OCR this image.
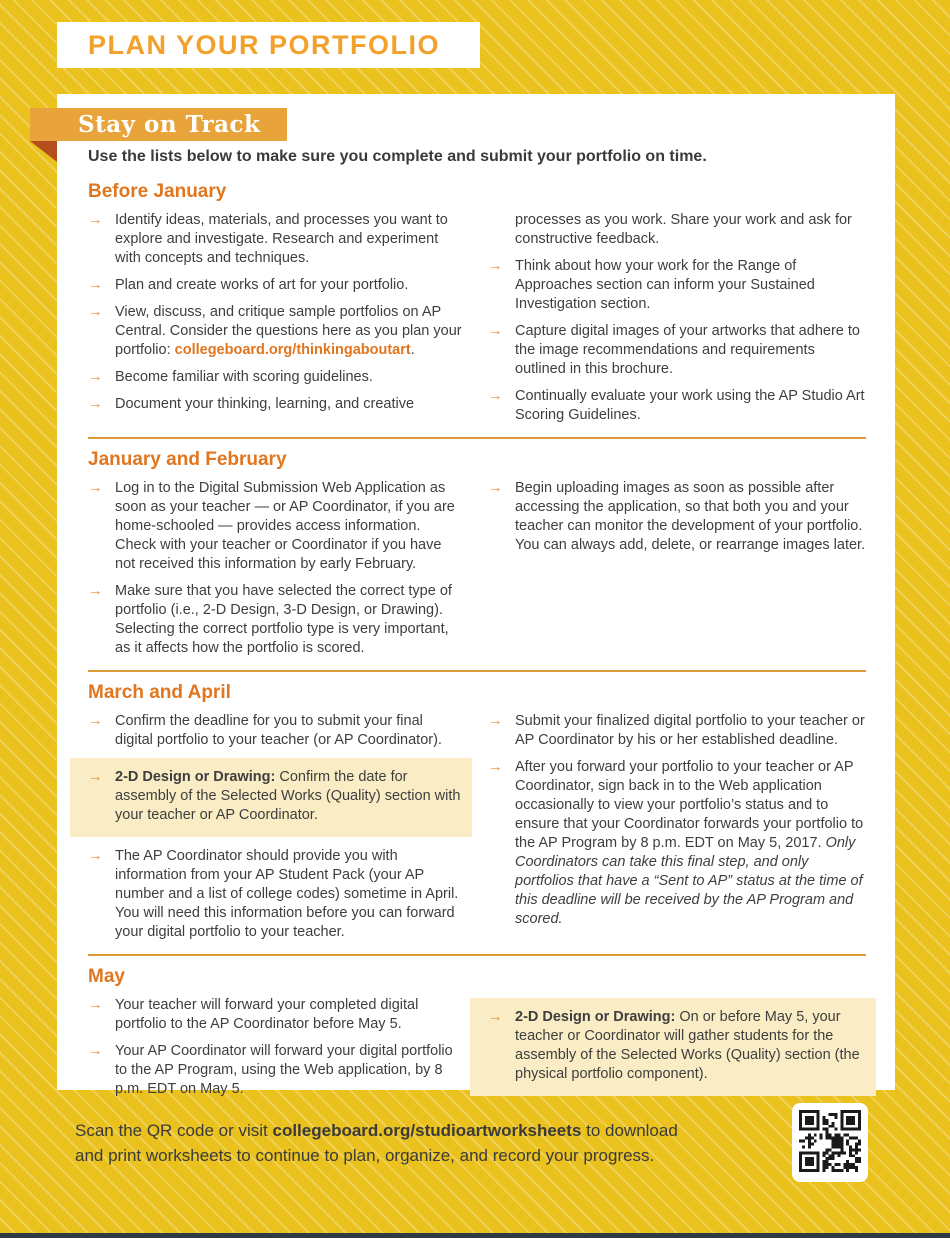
PLAN YOUR PORTFOLIO
Stay on Track

Use the lists below to make sure you complete and submit your portfolio on time.

Before January
→ Identify ideas, materials, and processes you want to explore and investigate. Research and experiment with concepts and techniques.
→ Plan and create works of art for your portfolio.
→ View, discuss, and critique sample portfolios on AP Central. Consider the questions here as you plan your portfolio: collegeboard.org/thinkingaboutart.
→ Become familiar with scoring guidelines.
→ Document your thinking, learning, and creative
processes as you work. Share your work and ask for constructive feedback.
→ Think about how your work for the Range of Approaches section can inform your Sustained Investigation section.
→ Capture digital images of your artworks that adhere to the image recommendations and requirements outlined in this brochure.
→ Continually evaluate your work using the AP Studio Art Scoring Guidelines.
January and February
→ Log in to the Digital Submission Web Application as soon as your teacher — or AP Coordinator, if you are home-schooled — provides access information. Check with your teacher or Coordinator if you have not received this information by early February.
→ Make sure that you have selected the correct type of portfolio (i.e., 2-D Design, 3-D Design, or Drawing). Selecting the correct portfolio type is very important, as it affects how the portfolio is scored.
→ Begin uploading images as soon as possible after accessing the application, so that both you and your teacher can monitor the development of your portfolio. You can always add, delete, or rearrange images later.
March and April
→ Confirm the deadline for you to submit your final digital portfolio to your teacher (or AP Coordinator).
→ 2-D Design or Drawing: Confirm the date for assembly of the Selected Works (Quality) section with your teacher or AP Coordinator.
→ The AP Coordinator should provide you with information from your AP Student Pack (your AP number and a list of college codes) sometime in April. You will need this information before you can forward your digital portfolio to your teacher.
→ Submit your finalized digital portfolio to your teacher or AP Coordinator by his or her established deadline.
→ After you forward your portfolio to your teacher or AP Coordinator, sign back in to the Web application occasionally to view your portfolio’s status and to ensure that your Coordinator forwards your portfolio to the AP Program by 8 p.m. EDT on May 5, 2017. Only Coordinators can take this final step, and only portfolios that have a “Sent to AP” status at the time of this deadline will be received by the AP Program and scored.
May
→ Your teacher will forward your completed digital portfolio to the AP Coordinator before May 5.
→ Your AP Coordinator will forward your digital portfolio to the AP Program, using the Web application, by 8 p.m. EDT on May 5.
→ 2-D Design or Drawing: On or before May 5, your teacher or Coordinator will gather students for the assembly of the Selected Works (Quality) section (the physical portfolio component).

Scan the QR code or visit collegeboard.org/studioartworksheets to download and print worksheets to continue to plan, organize, and record your progress.
